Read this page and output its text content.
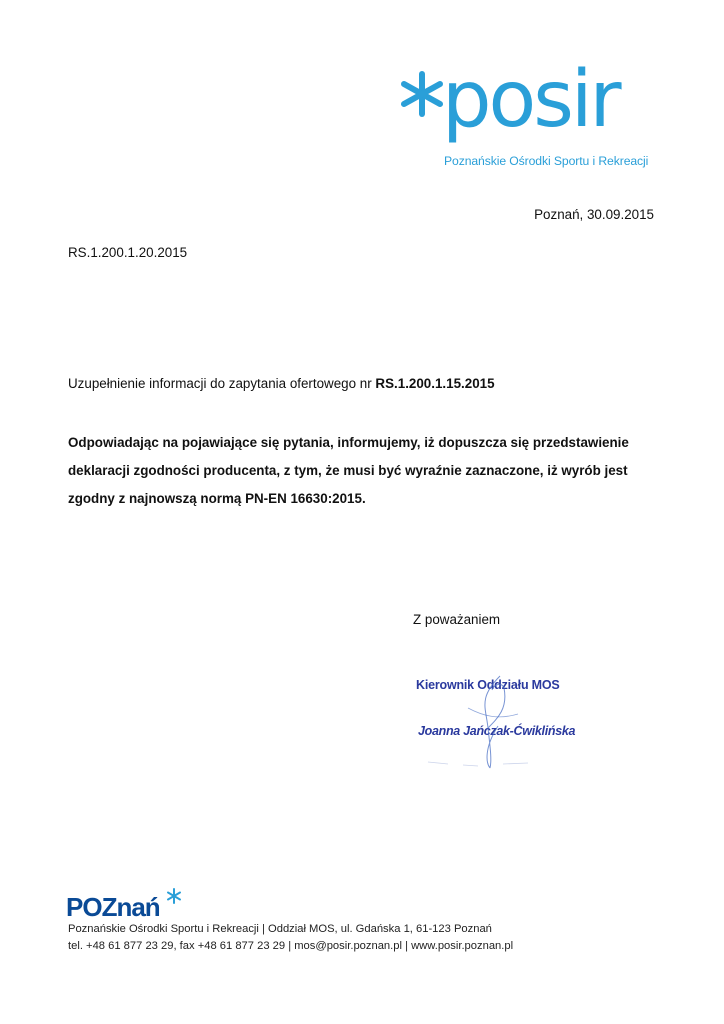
posir
Poznańskie Ośrodki Sportu i Rekreacji
Poznań, 30.09.2015
RS.1.200.1.20.2015
Uzupełnienie informacji do zapytania ofertowego nr RS.1.200.1.15.2015
Odpowiadając na pojawiające się pytania, informujemy, iż dopuszcza się przedstawienie deklaracji zgodności producenta, z tym, że musi być wyraźnie zaznaczone, iż wyrób jest zgodny z najnowszą normą PN-EN 16630:2015.
Z poważaniem
Kierownik Oddziału MOS
Joanna Jańczak-Ćwiklińska
POZnań
Poznańskie Ośrodki Sportu i Rekreacji | Oddział MOS, ul. Gdańska 1, 61-123 Poznań
tel. +48 61 877 23 29, fax +48 61 877 23 29 | mos@posir.poznan.pl | www.posir.poznan.pl
